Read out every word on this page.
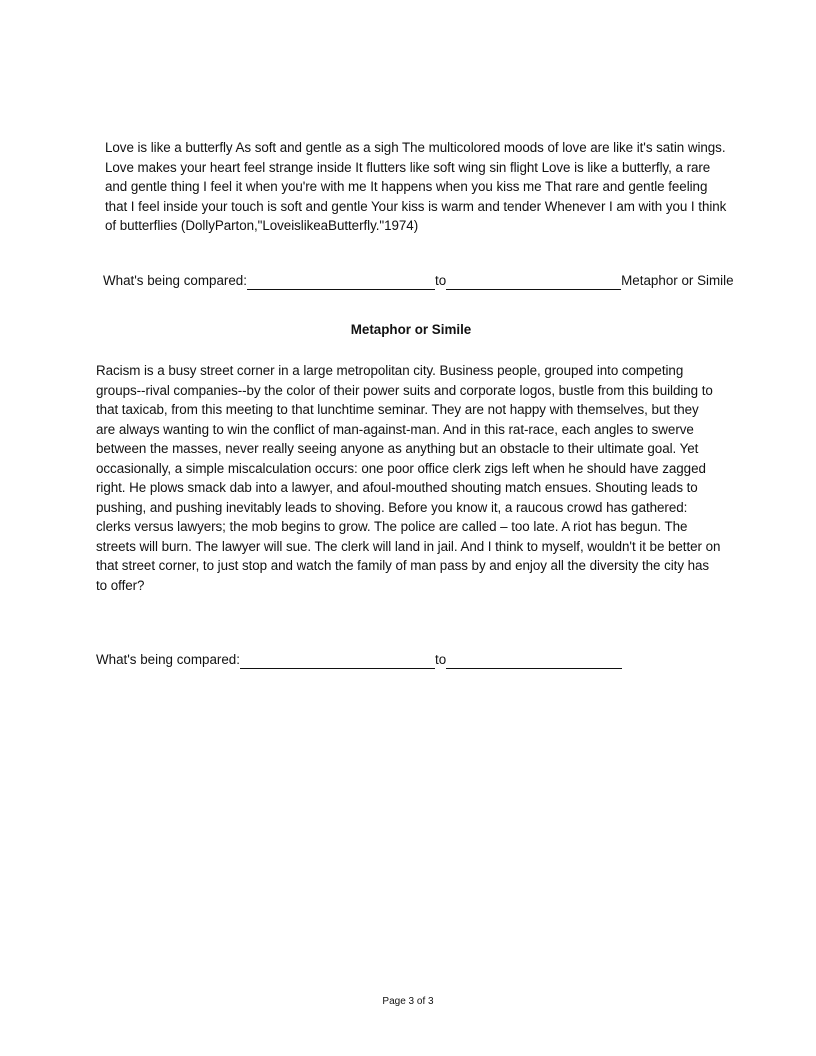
Love is like a butterfly As soft and gentle as a sigh The multicolored moods of love are like it's satin wings. Love makes your heart feel strange inside It flutters like soft wing sin flight Love is like a butterfly, a rare and gentle thing I feel it when you're with me It happens when you kiss me That rare and gentle feeling that I feel inside your touch is soft and gentle Your kiss is warm and tender Whenever I am with you I think of butterflies (DollyParton,"LoveislikeaButterfly."1974)

What's being compared:	to	Metaphor or Simile
Metaphor or Simile

Racism is a busy street corner in a large metropolitan city. Business people, grouped into competing groups--rival companies--by the color of their power suits and corporate logos, bustle from this building to that taxicab, from this meeting to that lunchtime seminar. They are not happy with themselves, but they are always wanting to win the conflict of man-against-man. And in this rat-race, each angles to swerve between the masses, never really seeing anyone as anything but an obstacle to their ultimate goal. Yet occasionally, a simple miscalculation occurs: one poor office clerk zigs left when he should have zagged right. He plows smack dab into a lawyer, and afoul-mouthed shouting match ensues. Shouting leads to pushing, and pushing inevitably leads to shoving. Before you know it, a raucous crowd has gathered: clerks versus lawyers; the mob begins to grow. The police are called – too late. A riot has begun. The streets will burn. The lawyer will sue. The clerk will land in jail. And I think to myself, wouldn't it be better on that street corner, to just stop and watch the family of man pass by and enjoy all the diversity the city has to offer?

What's being compared:	to
Page 3 of 3
